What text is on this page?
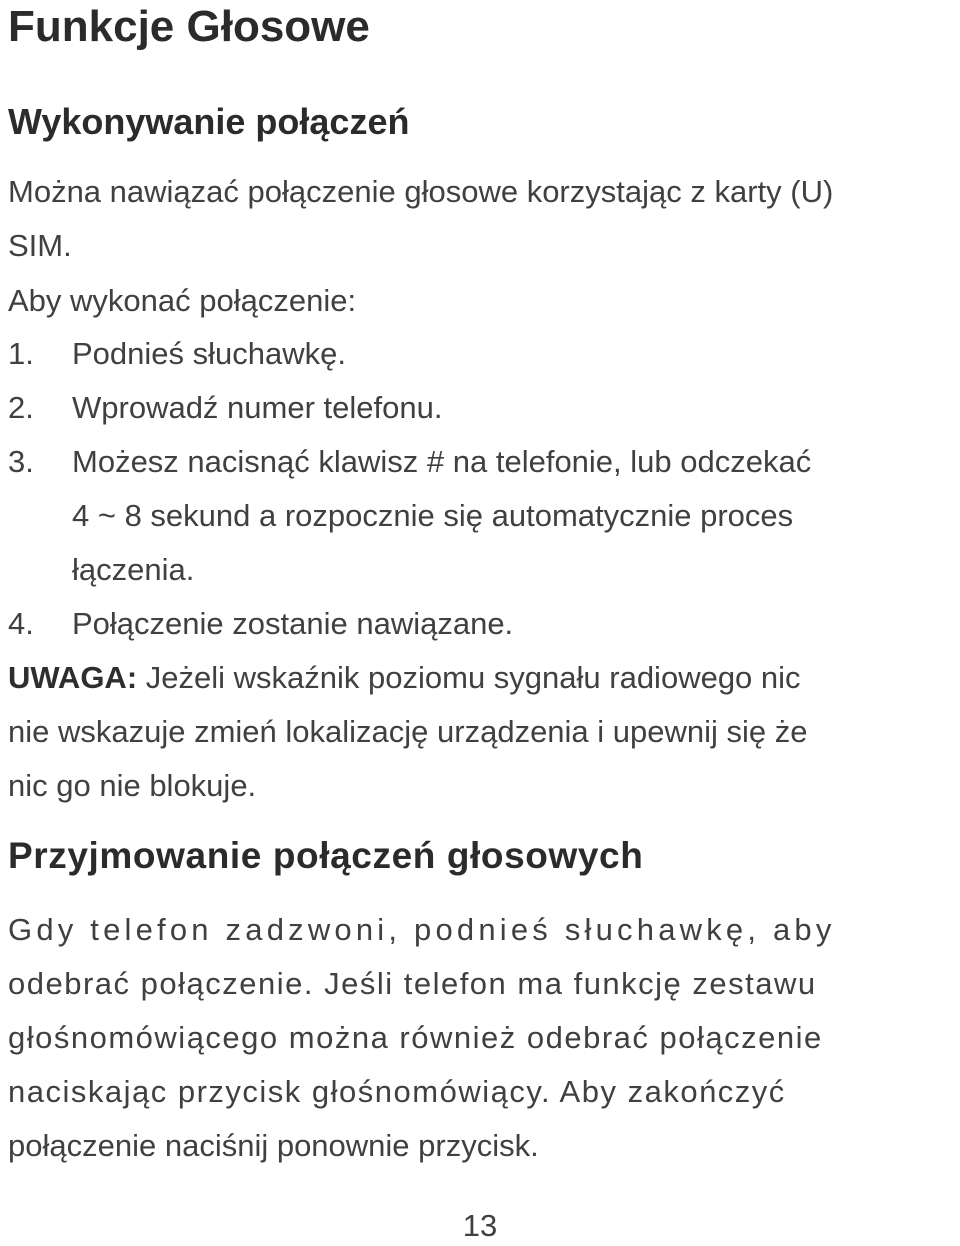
Funkcje Głosowe
Wykonywanie połączeń
Można nawiązać połączenie głosowe korzystając z karty (U)
SIM.
Aby wykonać połączenie:
1. Podnieś słuchawkę.
2. Wprowadź numer telefonu.
3. Możesz nacisnąć klawisz # na telefonie, lub odczekać
4 ~ 8 sekund a rozpocznie się automatycznie proces
łączenia.
4. Połączenie zostanie nawiązane.
UWAGA: Jeżeli wskaźnik poziomu sygnału radiowego nic
nie wskazuje zmień lokalizację urządzenia i upewnij się że
nic go nie blokuje.
Przyjmowanie połączeń głosowych
Gdy telefon zadzwoni, podnieś słuchawkę, aby
odebrać połączenie. Jeśli telefon ma funkcję zestawu
głośnomówiącego można również odebrać połączenie
naciskając przycisk głośnomówiący. Aby zakończyć
połączenie naciśnij ponownie przycisk.
13
